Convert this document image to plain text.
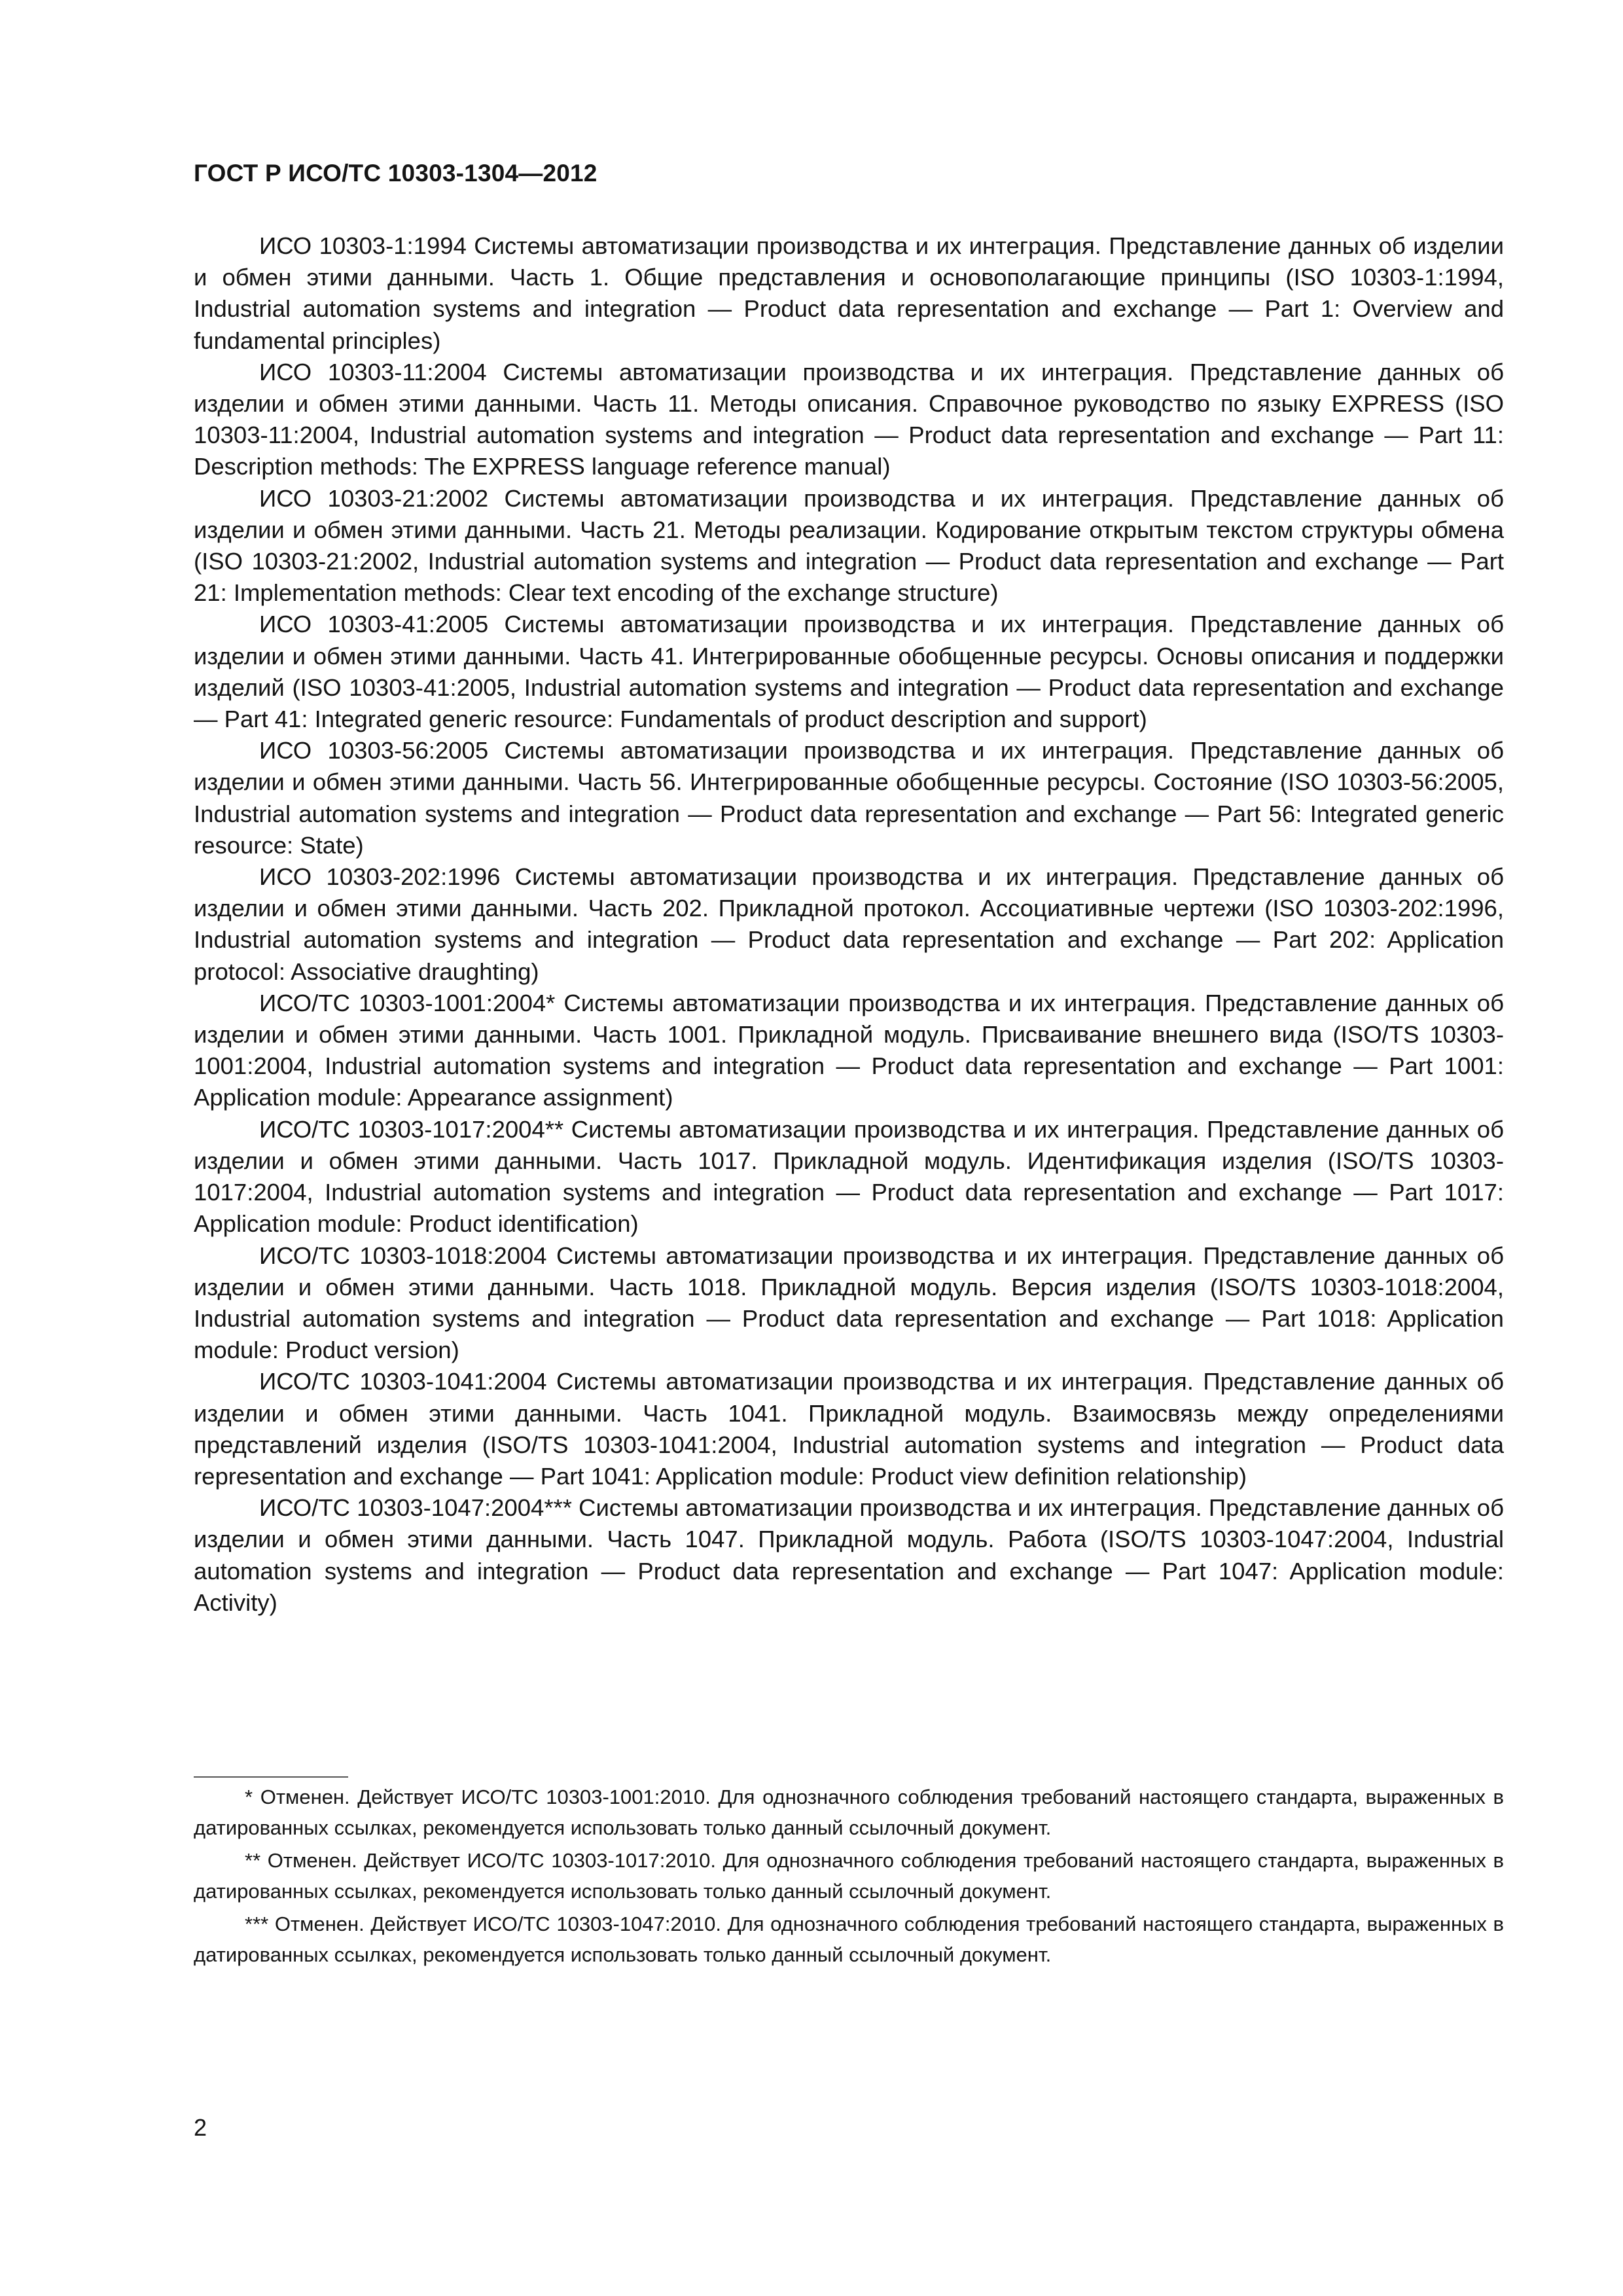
ГОСТ Р ИСО/ТС 10303-1304—2012

ИСО 10303-1:1994 Системы автоматизации производства и их интеграция. Представление данных об изделии и обмен этими данными. Часть 1. Общие представления и основополагающие принципы (ISO 10303-1:1994, Industrial automation systems and integration — Product data representation and exchange — Part 1: Overview and fundamental principles)

ИСО 10303-11:2004 Системы автоматизации производства и их интеграция. Представление данных об изделии и обмен этими данными. Часть 11. Методы описания. Справочное руководство по языку EXPRESS (ISO 10303-11:2004, Industrial automation systems and integration — Product data representation and exchange — Part 11: Description methods: The EXPRESS language reference manual)

ИСО 10303-21:2002 Системы автоматизации производства и их интеграция. Представление данных об изделии и обмен этими данными. Часть 21. Методы реализации. Кодирование открытым текстом структуры обмена (ISO 10303-21:2002, Industrial automation systems and integration — Product data representation and exchange — Part 21: Implementation methods: Clear text encoding of the exchange structure)

ИСО 10303-41:2005 Системы автоматизации производства и их интеграция. Представление данных об изделии и обмен этими данными. Часть 41. Интегрированные обобщенные ресурсы. Основы описания и поддержки изделий (ISO 10303-41:2005, Industrial automation systems and integration — Product data representation and exchange — Part 41: Integrated generic resource: Fundamentals of product description and support)

ИСО 10303-56:2005 Системы автоматизации производства и их интеграция. Представление данных об изделии и обмен этими данными. Часть 56. Интегрированные обобщенные ресурсы. Состояние (ISO 10303-56:2005, Industrial automation systems and integration — Product data representation and exchange — Part 56: Integrated generic resource: State)

ИСО 10303-202:1996 Системы автоматизации производства и их интеграция. Представление данных об изделии и обмен этими данными. Часть 202. Прикладной протокол. Ассоциативные чертежи (ISO 10303-202:1996, Industrial automation systems and integration — Product data representation and exchange — Part 202: Application protocol: Associative draughting)

ИСО/ТС 10303-1001:2004* Системы автоматизации производства и их интеграция. Представление данных об изделии и обмен этими данными. Часть 1001. Прикладной модуль. Присваивание внешнего вида (ISO/TS 10303-1001:2004, Industrial automation systems and integration — Product data representation and exchange — Part 1001: Application module: Appearance assignment)

ИСО/ТС 10303-1017:2004** Системы автоматизации производства и их интеграция. Представление данных об изделии и обмен этими данными. Часть 1017. Прикладной модуль. Идентификация изделия (ISO/TS 10303-1017:2004, Industrial automation systems and integration — Product data representation and exchange — Part 1017: Application module: Product identification)

ИСО/ТС 10303-1018:2004 Системы автоматизации производства и их интеграция. Представление данных об изделии и обмен этими данными. Часть 1018. Прикладной модуль. Версия изделия (ISO/TS 10303-1018:2004, Industrial automation systems and integration — Product data representation and exchange — Part 1018: Application module: Product version)

ИСО/ТС 10303-1041:2004 Системы автоматизации производства и их интеграция. Представление данных об изделии и обмен этими данными. Часть 1041. Прикладной модуль. Взаимосвязь между определениями представлений изделия (ISO/TS 10303-1041:2004, Industrial automation systems and integration — Product data representation and exchange — Part 1041: Application module: Product view definition relationship)

ИСО/ТС 10303-1047:2004*** Системы автоматизации производства и их интеграция. Представление данных об изделии и обмен этими данными. Часть 1047. Прикладной модуль. Работа (ISO/TS 10303-1047:2004, Industrial automation systems and integration — Product data representation and exchange — Part 1047: Application module: Activity)

* Отменен. Действует ИСО/ТС 10303-1001:2010. Для однозначного соблюдения требований настоящего стандарта, выраженных в датированных ссылках, рекомендуется использовать только данный ссылочный документ.

** Отменен. Действует ИСО/ТС 10303-1017:2010. Для однозначного соблюдения требований настоящего стандарта, выраженных в датированных ссылках, рекомендуется использовать только данный ссылочный документ.

*** Отменен. Действует ИСО/ТС 10303-1047:2010. Для однозначного соблюдения требований настоящего стандарта, выраженных в датированных ссылках, рекомендуется использовать только данный ссылочный документ.

2
